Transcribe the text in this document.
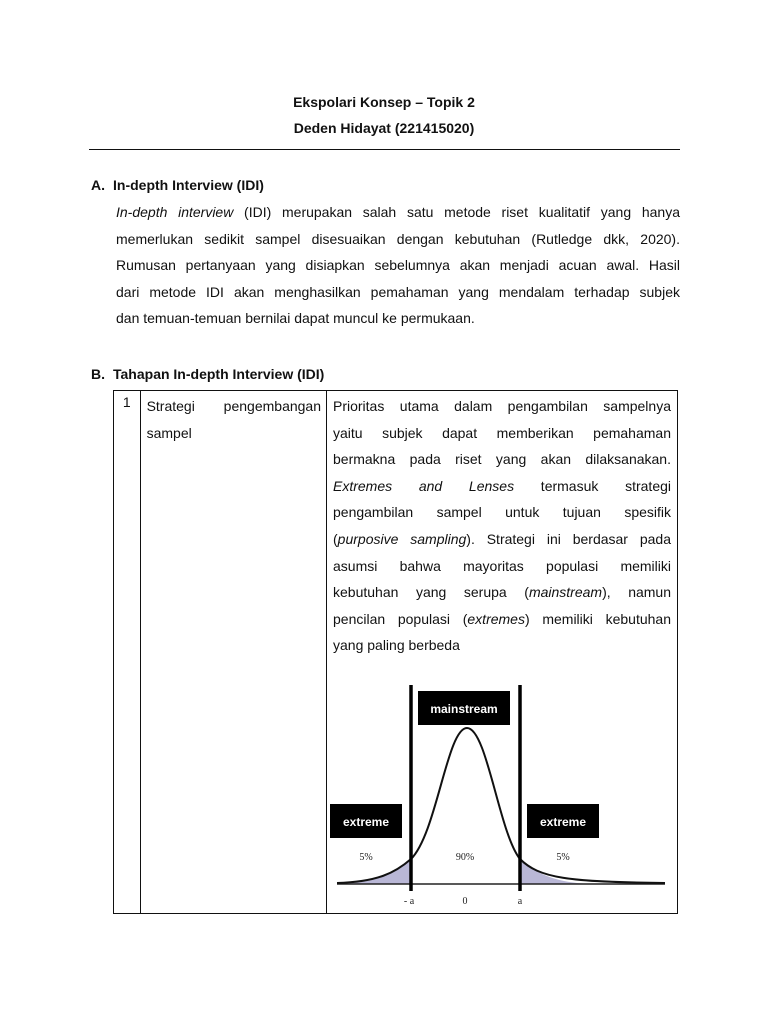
Ekspolari Konsep – Topik 2
Deden Hidayat (221415020)
A. In-depth Interview (IDI)
In-depth interview (IDI) merupakan salah satu metode riset kualitatif yang hanya
memerlukan sedikit sampel disesuaikan dengan kebutuhan (Rutledge dkk, 2020).
Rumusan pertanyaan yang disiapkan sebelumnya akan menjadi acuan awal. Hasil
dari metode IDI akan menghasilkan pemahaman yang mendalam terhadap subjek
dan temuan-temuan bernilai dapat muncul ke permukaan.
B. Tahapan In-depth Interview (IDI)
1	Strategi pengembangan
sampel

Prioritas utama dalam pengambilan sampelnya
yaitu subjek dapat memberikan pemahaman
bermakna pada riset yang akan dilaksanakan.
Extremes and Lenses termasuk strategi
pengambilan sampel untuk tujuan spesifik
(purposive sampling). Strategi ini berdasar pada
asumsi bahwa mayoritas populasi memiliki
kebutuhan yang serupa (mainstream), namun
pencilan populasi (extremes) memiliki kebutuhan
yang paling berbeda
mainstream
extreme	extreme
5%	90%	5%
- a	0	a
